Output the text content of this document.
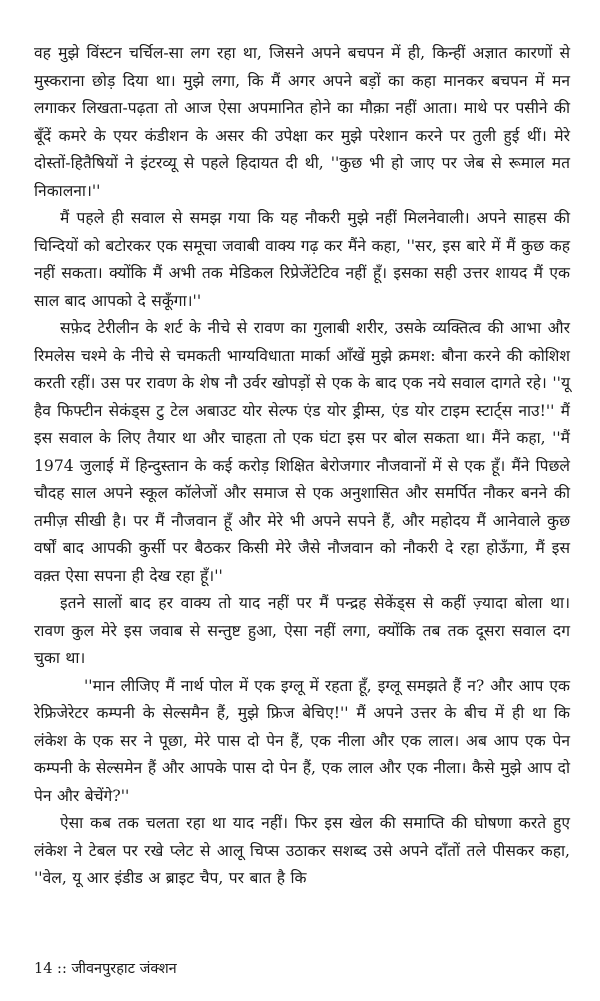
वह मुझे विंस्टन चर्चिल-सा लग रहा था, जिसने अपने बचपन में ही, किन्हीं अज्ञात कारणों से मुस्कराना छोड़ दिया था। मुझे लगा, कि मैं अगर अपने बड़ों का कहा मानकर बचपन में मन लगाकर लिखता-पढ़ता तो आज ऐसा अपमानित होने का मौक़ा नहीं आता। माथे पर पसीने की बूँदें कमरे के एयर कंडीशन के असर की उपेक्षा कर मुझे परेशान करने पर तुली हुई थीं। मेरे दोस्तों-हितैषियों ने इंटरव्यू से पहले हिदायत दी थी, ''कुछ भी हो जाए पर जेब से रूमाल मत निकालना।''

मैं पहले ही सवाल से समझ गया कि यह नौकरी मुझे नहीं मिलनेवाली। अपने साहस की चिन्दियों को बटोरकर एक समूचा जवाबी वाक्य गढ़ कर मैंने कहा, ''सर, इस बारे में मैं कुछ कह नहीं सकता। क्योंकि मैं अभी तक मेडिकल रिप्रेजेंटेटिव नहीं हूँ। इसका सही उत्तर शायद मैं एक साल बाद आपको दे सकूँगा।''

सफ़ेद टेरीलीन के शर्ट के नीचे से रावण का गुलाबी शरीर, उसके व्यक्तित्व की आभा और रिमलेस चश्मे के नीचे से चमकती भाग्यविधाता मार्का आँखें मुझे क्रमश: बौना करने की कोशिश करती रहीं। उस पर रावण के शेष नौ उर्वर खोपड़ों से एक के बाद एक नये सवाल दागते रहे। ''यू हैव फिफ्टीन सेकंड्स टु टेल अबाउट योर सेल्फ एंड योर ड्रीम्स, एंड योर टाइम स्टार्ट्स नाउ!'' मैं इस सवाल के लिए तैयार था और चाहता तो एक घंटा इस पर बोल सकता था। मैंने कहा, ''मैं 1974 जुलाई में हिन्दुस्तान के कई करोड़ शिक्षित बेरोजगार नौजवानों में से एक हूँ। मैंने पिछले चौदह साल अपने स्कूल कॉलेजों और समाज से एक अनुशासित और समर्पित नौकर बनने की तमीज़ सीखी है। पर मैं नौजवान हूँ और मेरे भी अपने सपने हैं, और महोदय मैं आनेवाले कुछ वर्षों बाद आपकी कुर्सी पर बैठकर किसी मेरे जैसे नौजवान को नौकरी दे रहा होऊँगा, मैं इस वक़्त ऐसा सपना ही देख रहा हूँ।''

इतने सालों बाद हर वाक्य तो याद नहीं पर मैं पन्द्रह सेकेंड्स से कहीं ज़्यादा बोला था। रावण कुल मेरे इस जवाब से सन्तुष्ट हुआ, ऐसा नहीं लगा, क्योंकि तब तक दूसरा सवाल दग चुका था।

''मान लीजिए मैं नार्थ पोल में एक इग्लू में रहता हूँ, इग्लू समझते हैं न? और आप एक रेफ्रिजेरेटर कम्पनी के सेल्समैन हैं, मुझे फ्रिज बेचिए!'' मैं अपने उत्तर के बीच में ही था कि लंकेश के एक सर ने पूछा, मेरे पास दो पेन हैं, एक नीला और एक लाल। अब आप एक पेन कम्पनी के सेल्समेन हैं और आपके पास दो पेन हैं, एक लाल और एक नीला। कैसे मुझे आप दो पेन और बेचेंगे?''

ऐसा कब तक चलता रहा था याद नहीं। फिर इस खेल की समाप्ति की घोषणा करते हुए लंकेश ने टेबल पर रखे प्लेट से आलू चिप्स उठाकर सशब्द उसे अपने दाँतों तले पीसकर कहा, ''वेल, यू आर इंडीड अ ब्राइट चैप, पर बात है कि

14 :: जीवनपुरहाट जंक्शन
